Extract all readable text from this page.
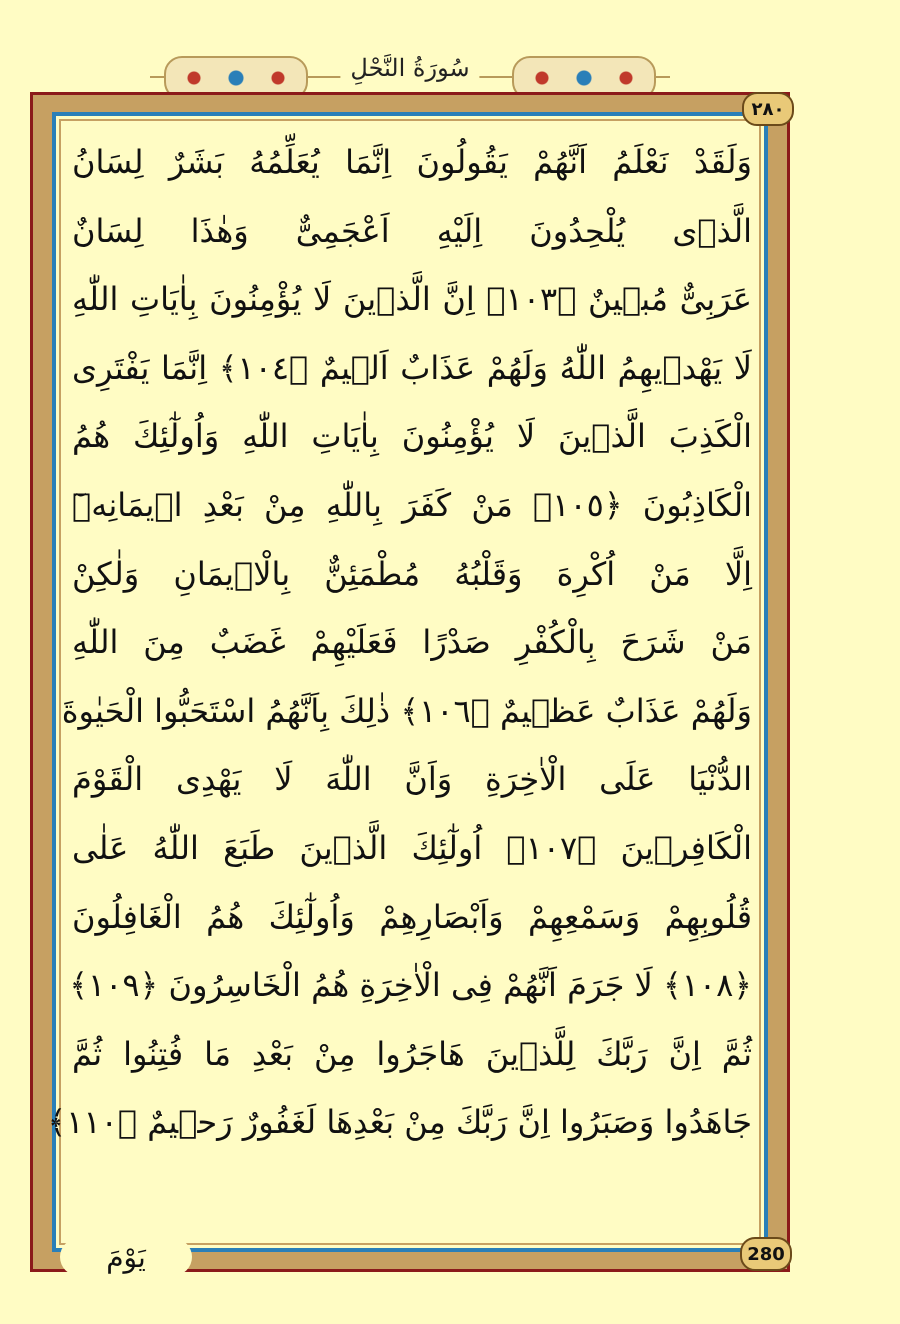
سُورَةُ النَّحْلِ
٢٨٠
وَلَقَدْ نَعْلَمُ اَنَّهُمْ يَقُولُونَ اِنَّمَا يُعَلِّمُهُ بَشَرٌ لِسَانُ
الَّذٖى يُلْحِدُونَ اِلَيْهِ اَعْجَمِىٌّ وَهٰذَا لِسَانٌ
عَرَبِىٌّ مُبٖينٌ ﴿١٠٣﴾ اِنَّ الَّذٖينَ لَا يُؤْمِنُونَ بِاٰيَاتِ اللّٰهِ
لَا يَهْدٖيهِمُ اللّٰهُ وَلَهُمْ عَذَابٌ اَلٖيمٌ ﴿١٠٤﴾ اِنَّمَا يَفْتَرِى
الْكَذِبَ الَّذٖينَ لَا يُؤْمِنُونَ بِاٰيَاتِ اللّٰهِ وَاُولٰٓئِكَ هُمُ
الْكَاذِبُونَ ﴿١٠٥﴾ مَنْ كَفَرَ بِاللّٰهِ مِنْ بَعْدِ اٖيمَانِهٖٓ
اِلَّا مَنْ اُكْرِهَ وَقَلْبُهُ مُطْمَئِنٌّ بِالْاٖيمَانِ وَلٰكِنْ
مَنْ شَرَحَ بِالْكُفْرِ صَدْرًا فَعَلَيْهِمْ غَضَبٌ مِنَ اللّٰهِ
وَلَهُمْ عَذَابٌ عَظٖيمٌ ﴿١٠٦﴾ ذٰلِكَ بِاَنَّهُمُ اسْتَحَبُّوا الْحَيٰوةَ
الدُّنْيَا عَلَى الْاٰخِرَةِ وَاَنَّ اللّٰهَ لَا يَهْدِى الْقَوْمَ
الْكَافِرٖينَ ﴿١٠٧﴾ اُولٰٓئِكَ الَّذٖينَ طَبَعَ اللّٰهُ عَلٰى
قُلُوبِهِمْ وَسَمْعِهِمْ وَاَبْصَارِهِمْ وَاُولٰٓئِكَ هُمُ الْغَافِلُونَ
﴿١٠٨﴾ لَا جَرَمَ اَنَّهُمْ فِى الْاٰخِرَةِ هُمُ الْخَاسِرُونَ ﴿١٠٩﴾
ثُمَّ اِنَّ رَبَّكَ لِلَّذٖينَ هَاجَرُوا مِنْ بَعْدِ مَا فُتِنُوا ثُمَّ
جَاهَدُوا وَصَبَرُوا اِنَّ رَبَّكَ مِنْ بَعْدِهَا لَغَفُورٌ رَحٖيمٌ ﴿١١٠﴾
يَوْمَ	280
